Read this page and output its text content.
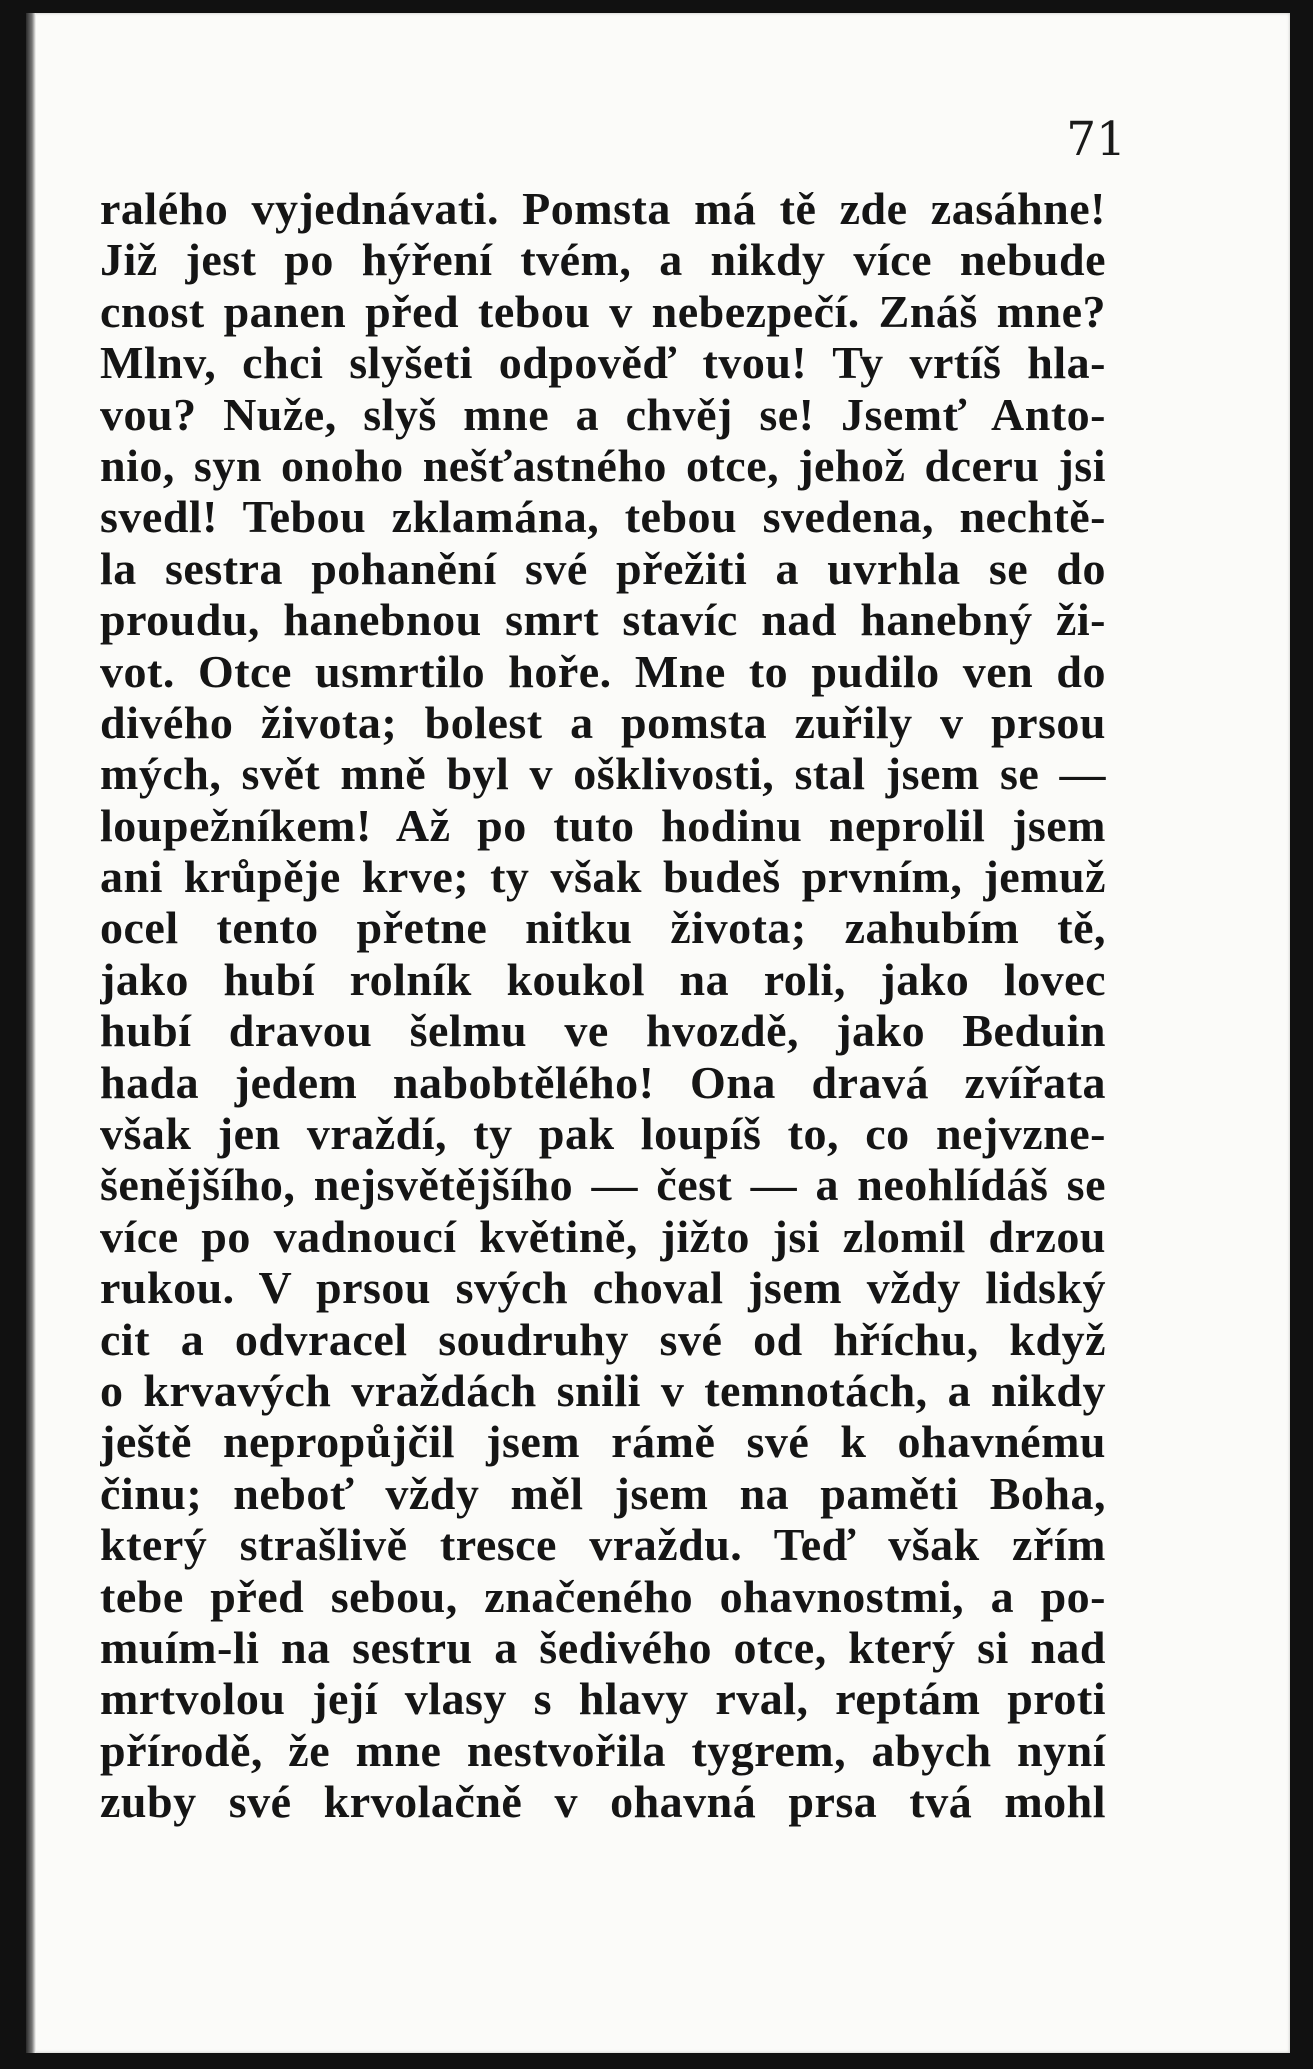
71
ralého vyjednávati. Pomsta má tě zde zasáhne!
Již jest po hýření tvém, a nikdy více nebude
cnost panen před tebou v nebezpečí. Znáš mne?
Mlnv, chci slyšeti odpověď tvou! Ty vrtíš hla-
vou? Nuže, slyš mne a chvěj se! Jsemť Anto-
nio, syn onoho nešťastného otce, jehož dceru jsi
svedl! Tebou zklamána, tebou svedena, nechtě-
la sestra pohanění své přežiti a uvrhla se do
proudu, hanebnou smrt stavíc nad hanebný ži-
vot. Otce usmrtilo hoře. Mne to pudilo ven do
divého života; bolest a pomsta zuřily v prsou
mých, svět mně byl v ošklivosti, stal jsem se —
loupežníkem! Až po tuto hodinu neprolil jsem
ani krůpěje krve; ty však budeš prvním, jemuž
ocel tento přetne nitku života; zahubím tě,
jako hubí rolník koukol na roli, jako lovec
hubí dravou šelmu ve hvozdě, jako Beduin
hada jedem nabobtělého! Ona dravá zvířata
však jen vraždí, ty pak loupíš to, co nejvzne-
šenějšího, nejsvětějšího — čest — a neohlídáš se
více po vadnoucí květině, jižto jsi zlomil drzou
rukou. V prsou svých choval jsem vždy lidský
cit a odvracel soudruhy své od hříchu, když
o krvavých vraždách snili v temnotách, a nikdy
ještě nepropůjčil jsem rámě své k ohavnému
činu; neboť vždy měl jsem na paměti Boha,
který strašlivě tresce vraždu. Teď však zřím
tebe před sebou, značeného ohavnostmi, a po-
muím-li na sestru a šedivého otce, který si nad
mrtvolou její vlasy s hlavy rval, reptám proti
přírodě, že mne nestvořila tygrem, abych nyní
zuby své krvolačně v ohavná prsa tvá mohl
